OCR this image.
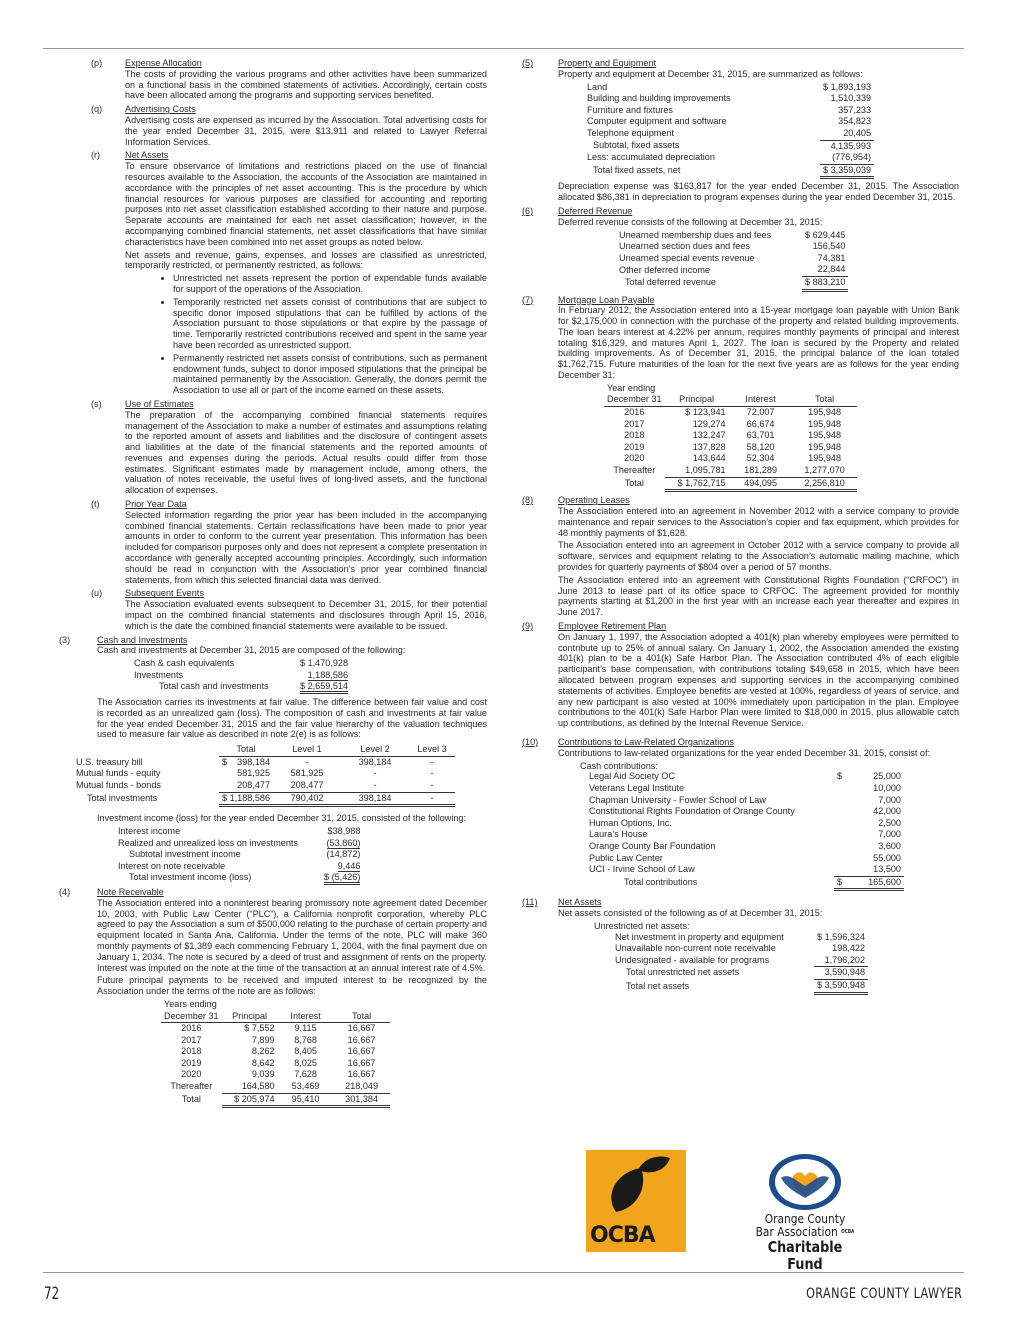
(p)	Expense Allocation

The costs of providing the various programs and other activities have been summarized on a functional basis in the combined statements of activities. Accordingly, certain costs have been allocated among the programs and supporting services benefited.

(q)	Advertising Costs

Advertising costs are expensed as incurred by the Association. Total advertising costs for the year ended December 31, 2015, were $13,911 and related to Lawyer Referral Information Services.

(r)	Net Assets

To ensure observance of limitations and restrictions placed on the use of financial resources available to the Association, the accounts of the Association are maintained in accordance with the principles of net asset accounting. This is the procedure by which financial resources for various purposes are classified for accounting and reporting purposes into net asset classification established according to their nature and purpose. Separate accounts are maintained for each net asset classification; however, in the accompanying combined financial statements, net asset classifications that have similar characteristics have been combined into net asset groups as noted below.

Net assets and revenue, gains, expenses, and losses are classified as unrestricted, temporarily restricted, or permanently restricted, as follows:

• Unrestricted net assets represent the portion of expendable funds available for support of the operations of the Association.
• Temporarily restricted net assets consist of contributions that are subject to specific donor imposed stipulations that can be fulfilled by actions of the Association pursuant to those stipulations or that expire by the passage of time. Temporarily restricted contributions received and spent in the same year have been recorded as unrestricted support.
• Permanently restricted net assets consist of contributions, such as permanent endowment funds, subject to donor imposed stipulations that the principal be maintained permanently by the Association. Generally, the donors permit the Association to use all or part of the income earned on these assets.
(s)	Use of Estimates

The preparation of the accompanying combined financial statements requires management of the Association to make a number of estimates and assumptions relating to the reported amount of assets and liabilities and the disclosure of contingent assets and liabilities at the date of the financial statements and the reported amounts of revenues and expenses during the periods. Actual results could differ from those estimates. Significant estimates made by management include, among others, the valuation of notes receivable, the useful lives of long-lived assets, and the functional allocation of expenses.

(t)	Prior Year Data

Selected information regarding the prior year has been included in the accompanying combined financial statements. Certain reclassifications have been made to prior year amounts in order to conform to the current year presentation. This information has been included for comparison purposes only and does not represent a complete presentation in accordance with generally accepted accounting principles. Accordingly, such information should be read in conjunction with the Association’s prior year combined financial statements, from which this selected financial data was derived.

(u)	Subsequent Events

The Association evaluated events subsequent to December 31, 2015, for their potential impact on the combined financial statements and disclosures through April 15, 2016, which is the date the combined financial statements were available to be issued.

(3)	Cash and Investments

Cash and investments at December 31, 2015 are composed of the following:

Cash & cash equivalents	$ 1,470,928
Investments	1,188,586
Total cash and investments	$ 2,659,514

The Association carries its investments at fair value. The difference between fair value and cost is recorded as an unrealized gain (loss). The composition of cash and investments at fair value for the year ended December 31, 2015 and the fair value hierarchy of the valuation techniques used to measure fair value as described in note 2(e) is as follows:

	Total		Level 1	Level 2	Level 3
U.S. treasury bill	$	398,184	-	398,184	-
Mutual funds - equity		581,925	581,925	-	-
Mutual funds - bonds		208,477	208,477	-	-
Total investments	$ 1,188,586		790,402	398,184	-

Investment income (loss) for the year ended December 31, 2015, consisted of the following:

Interest income	$38,988
Realized and unrealized loss on investments	(53,860)
Subtotal investment income	(14,872)
Interest on note receivable	9,446
Total investment income (loss)	$ (5,426)
(4)	Note Receivable

The Association entered into a noninterest bearing promissory note agreement dated December 10, 2003, with Public Law Center (“PLC”), a California nonprofit corporation, whereby PLC agreed to pay the Association a sum of $500,000 relating to the purchase of certain property and equipment located in Santa Ana, California. Under the terms of the note, PLC will make 360 monthly payments of $1,389 each commencing February 1, 2004, with the final payment due on January 1, 2034. The note is secured by a deed of trust and assignment of rents on the property. Interest was imputed on the note at the time of the transaction at an annual interest rate of 4.5%.

Future principal payments to be received and imputed interest to be recognized by the Association under the terms of the note are as follows:

Years ending			
December 31	Principal	Interest	Total
2016	$ 7,552	9,115	16,667
2017	7,899	8,768	16,667
2018	8,262	8,405	16,667
2019	8,642	8,025	16,667
2020	9,039	7,628	16,667
Thereafter	164,580	53,469	218,049
Total	$ 205,974	95,410	301,384
(5)	Property and Equipment

Property and equipment at December 31, 2015, are summarized as follows:

Land	$ 1,893,193
Building and building improvements	1,510,339
Furniture and fixtures	357,233
Computer equipment and software	354,823
Telephone equipment	20,405
Subtotal, fixed assets	4,135,993
Less: accumulated depreciation	(776,954)
Total fixed assets, net	$ 3,359,039

Depreciation expense was $163,817 for the year ended December 31, 2015. The Association allocated $86,381 in depreciation to program expenses during the year ended December 31, 2015.

(6)	Deferred Revenue

Deferred revenue consists of the following at December 31, 2015:

Unearned membership dues and fees	$ 629,445
Unearned section dues and fees	156,540
Unearned special events revenue	74,381
Other deferred income	22,844
Total deferred revenue	$ 883,210
(7)	Mortgage Loan Payable

In February 2012, the Association entered into a 15-year mortgage loan payable with Union Bank for $2,175,000 in connection with the purchase of the property and related building improvements. The loan bears interest at 4.22% per annum, requires monthly payments of principal and interest totaling $16,329, and matures April 1, 2027. The loan is secured by the Property and related building improvements. As of December 31, 2015, the principal balance of the loan totaled $1,762,715. Future maturities of the loan for the next five years are as follows for the year ending December 31:

Year ending			
December 31	Principal	Interest	Total
2016	$ 123,941	72,007	195,948
2017	129,274	66,674	195,948
2018	132,247	63,701	195,948
2019	137,828	58,120	195,948
2020	143,644	52,304	195,948
Thereafter	1,095,781	181,289	1,277,070
Total	$ 1,762,715	494,095	2,256,810
(8)	Operating Leases

The Association entered into an agreement in November 2012 with a service company to provide maintenance and repair services to the Association’s copier and fax equipment, which provides for 48 monthly payments of $1,628.

The Association entered into an agreement in October 2012 with a service company to provide all software, services and equipment relating to the Association’s automatic mailing machine, which provides for quarterly payments of $804 over a period of 57 months.

The Association entered into an agreement with Constitutional Rights Foundation (“CRFOC”) in June 2013 to lease part of its office space to CRFOC. The agreement provided for monthly payments starting at $1,200 in the first year with an increase each year thereafter and expires in June 2017.

(9)	Employee Retirement Plan

On January 1, 1997, the Association adopted a 401(k) plan whereby employees were permitted to contribute up to 25% of annual salary. On January 1, 2002, the Association amended the existing 401(k) plan to be a 401(k) Safe Harbor Plan. The Association contributed 4% of each eligible participant’s base compensation, with contributions totaling $49,658 in 2015, which have been allocated between program expenses and supporting services in the accompanying combined statements of activities. Employee benefits are vested at 100%, regardless of years of service, and any new participant is also vested at 100% immediately upon participation in the plan. Employee contributions to the 401(k) Safe Harbor Plan were limited to $18,000 in 2015, plus allowable catch up contributions, as defined by the Internal Revenue Service.

(10) Contributions to Law-Related Organizations

Contributions to law-related organizations for the year ended December 31, 2015, consist of:

Cash contributions:
Legal Aid Society OC	$	25,000
Veterans Legal Institute		10,000
Chapman University - Fowler School of Law		7,000
Constitutional Rights Foundation of Orange County		42,000
Human Options, Inc.		2,500
Laura’s House		7,000
Orange County Bar Foundation		3,600
Public Law Center		55,000
UCI - Irvine School of Law		13,500
Total contributions	$	165,600
(11) Net Assets

Net assets consisted of the following as of at December 31, 2015:

Unrestricted net assets:
Net investment in property and equipment	$ 1,596,324
Unavailable non-current note receivable	198,422
Undesignated - available for programs	1,796,202
Total unrestricted net assets	3,590,948
Total net assets	$ 3,590,948
OCBA
Orange County
Bar Association OCBA
Charitable Fund
72	ORANGE COUNTY LAWYER
